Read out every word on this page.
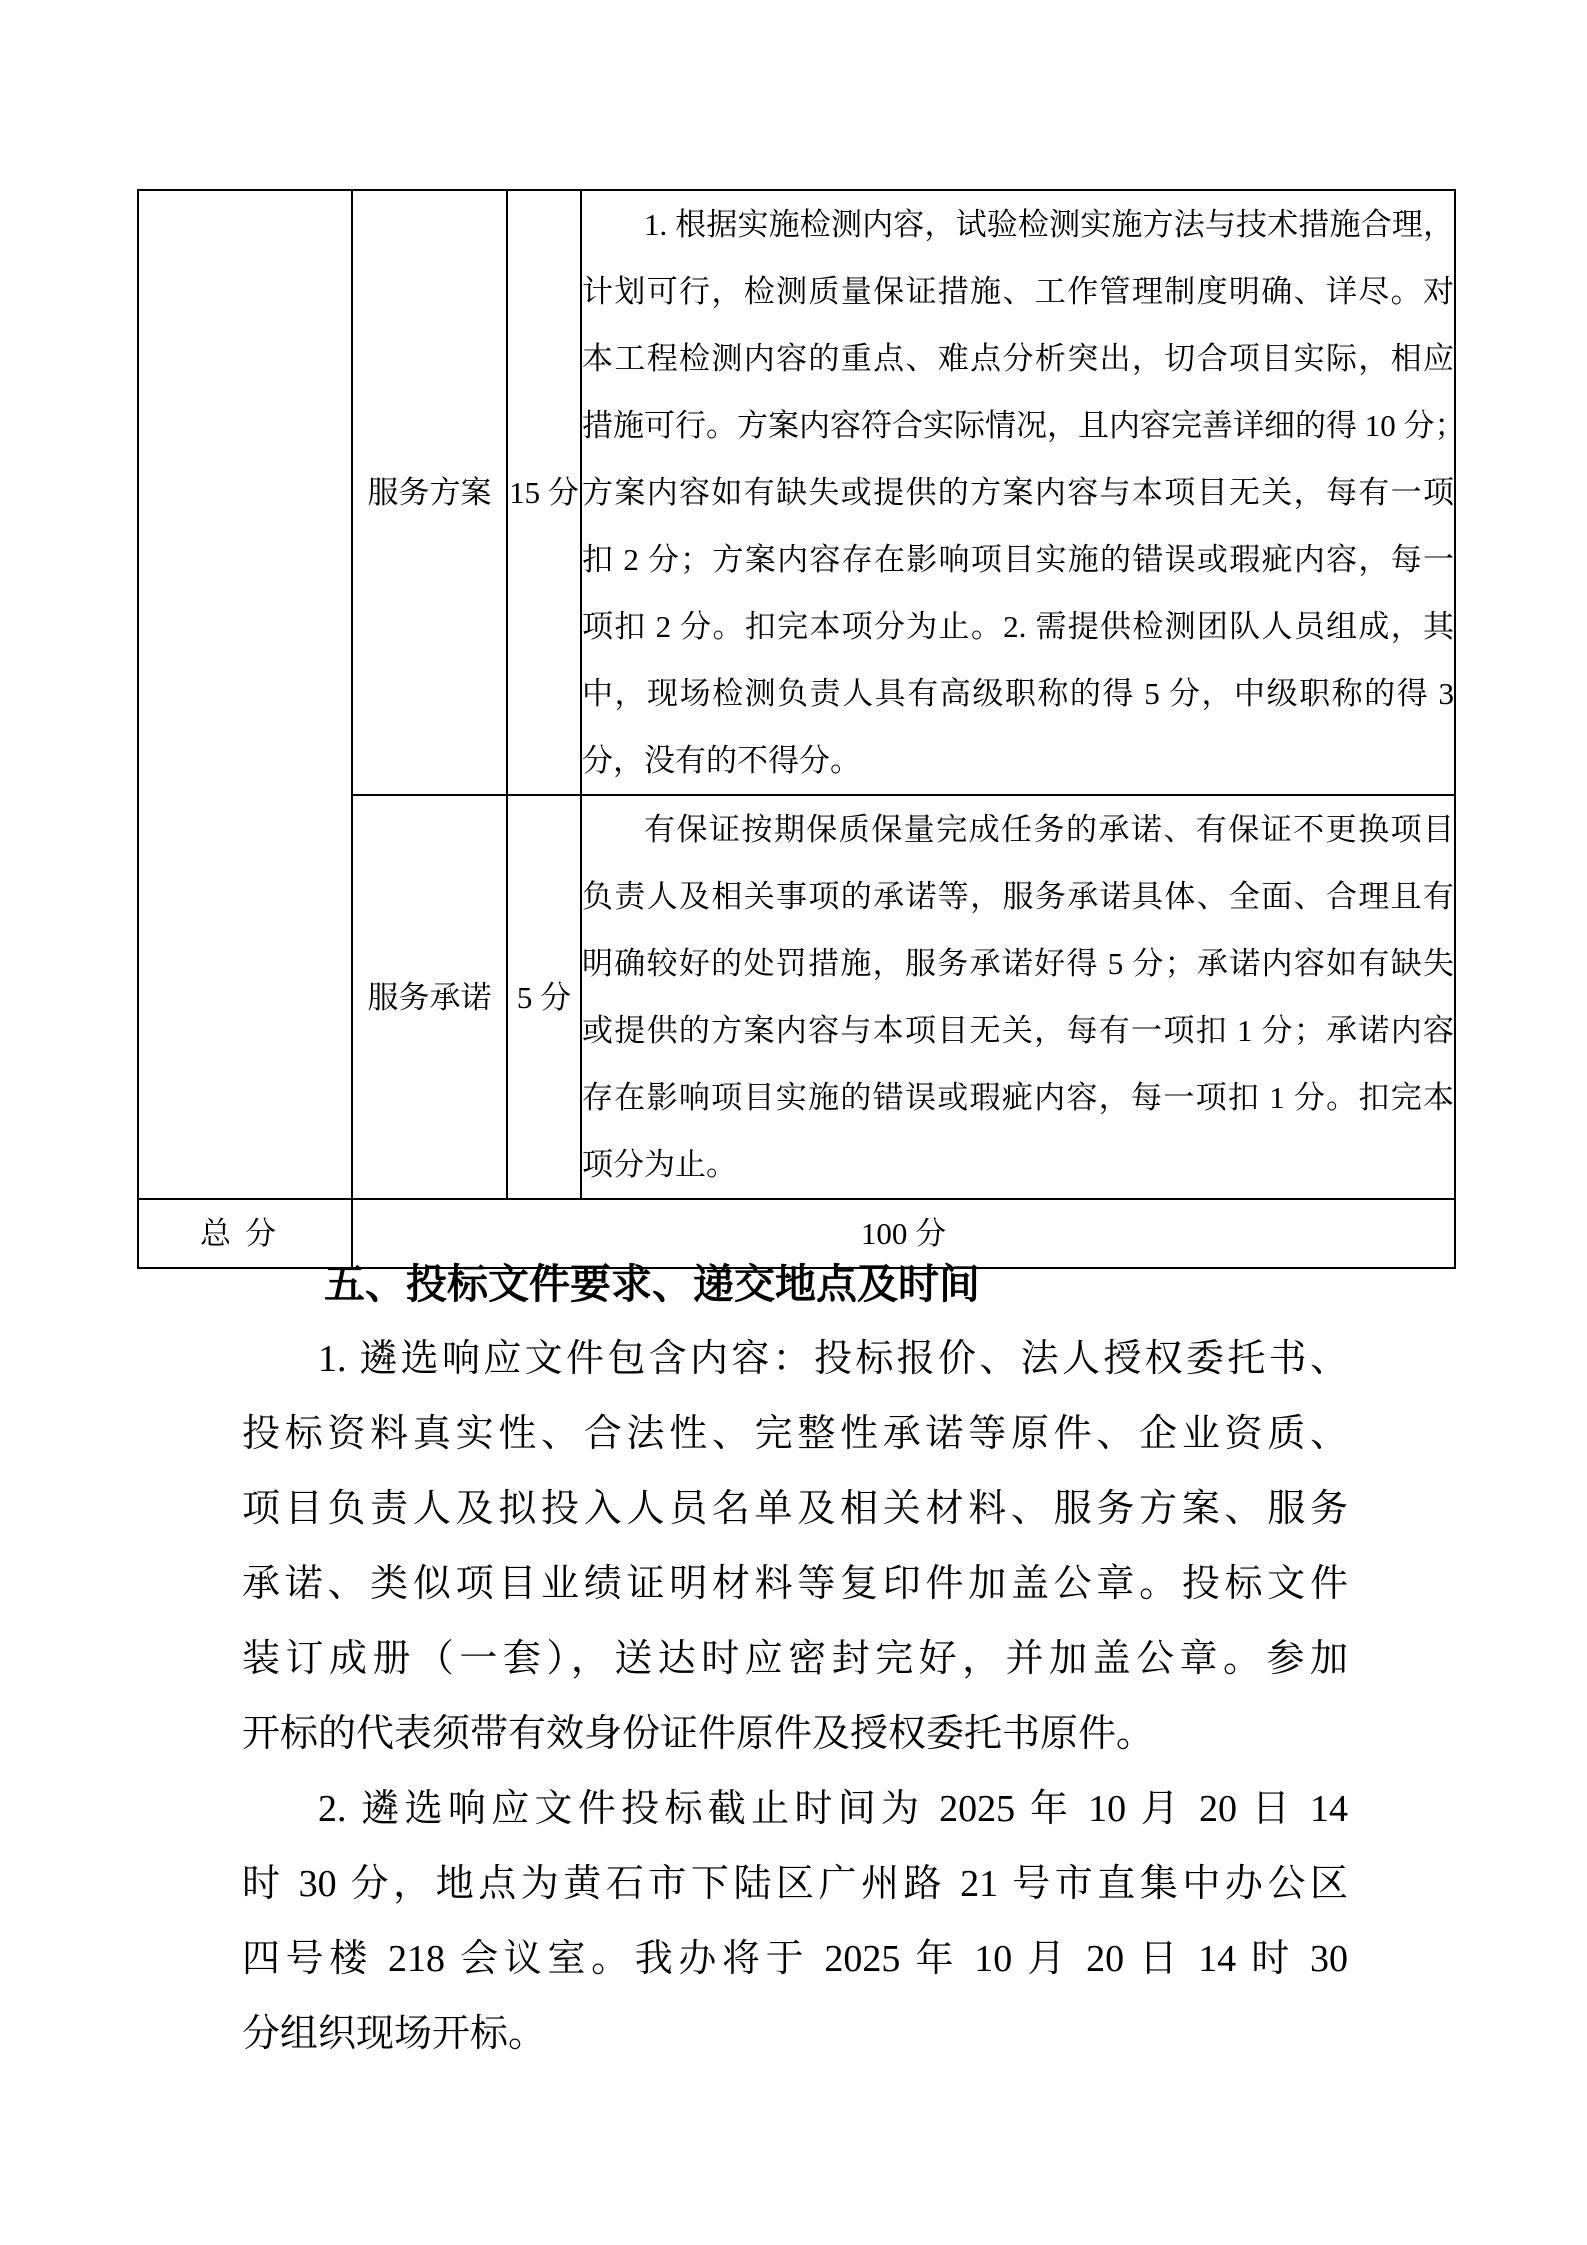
	服务方案	15 分	
1. 根据实施检测内容，试验检测实施方法与技术措施合理，
计划可行，检测质量保证措施、工作管理制度明确、详尽。对
本工程检测内容的重点、难点分析突出，切合项目实际，相应
措施可行。方案内容符合实际情况，且内容完善详细的得 10 分；
方案内容如有缺失或提供的方案内容与本项目无关，每有一项
扣 2 分；方案内容存在影响项目实施的错误或瑕疵内容，每一
项扣 2 分。扣完本项分为止。2. 需提供检测团队人员组成，其
中，现场检测负责人具有高级职称的得 5 分，中级职称的得 3
分，没有的不得分。

服务承诺	5 分	
有保证按期保质保量完成任务的承诺、有保证不更换项目
负责人及相关事项的承诺等，服务承诺具体、全面、合理且有
明确较好的处罚措施，服务承诺好得 5 分；承诺内容如有缺失
或提供的方案内容与本项目无关，每有一项扣 1 分；承诺内容
存在影响项目实施的错误或瑕疵内容，每一项扣 1 分。扣完本
项分为止。

总分	100 分		
五、投标文件要求、递交地点及时间
1. 遴选响应文件包含内容：投标报价、法人授权委托书、
投标资料真实性、合法性、完整性承诺等原件、企业资质、
项目负责人及拟投入人员名单及相关材料、服务方案、服务
承诺、类似项目业绩证明材料等复印件加盖公章。投标文件
装订成册（一套），送达时应密封完好，并加盖公章。参加
开标的代表须带有效身份证件原件及授权委托书原件。
2. 遴选响应文件投标截止时间为 2025 年 10 月 20 日 14
时 30 分，地点为黄石市下陆区广州路 21 号市直集中办公区
四号楼 218 会议室。我办将于 2025 年 10 月 20 日 14 时 30
分组织现场开标。
